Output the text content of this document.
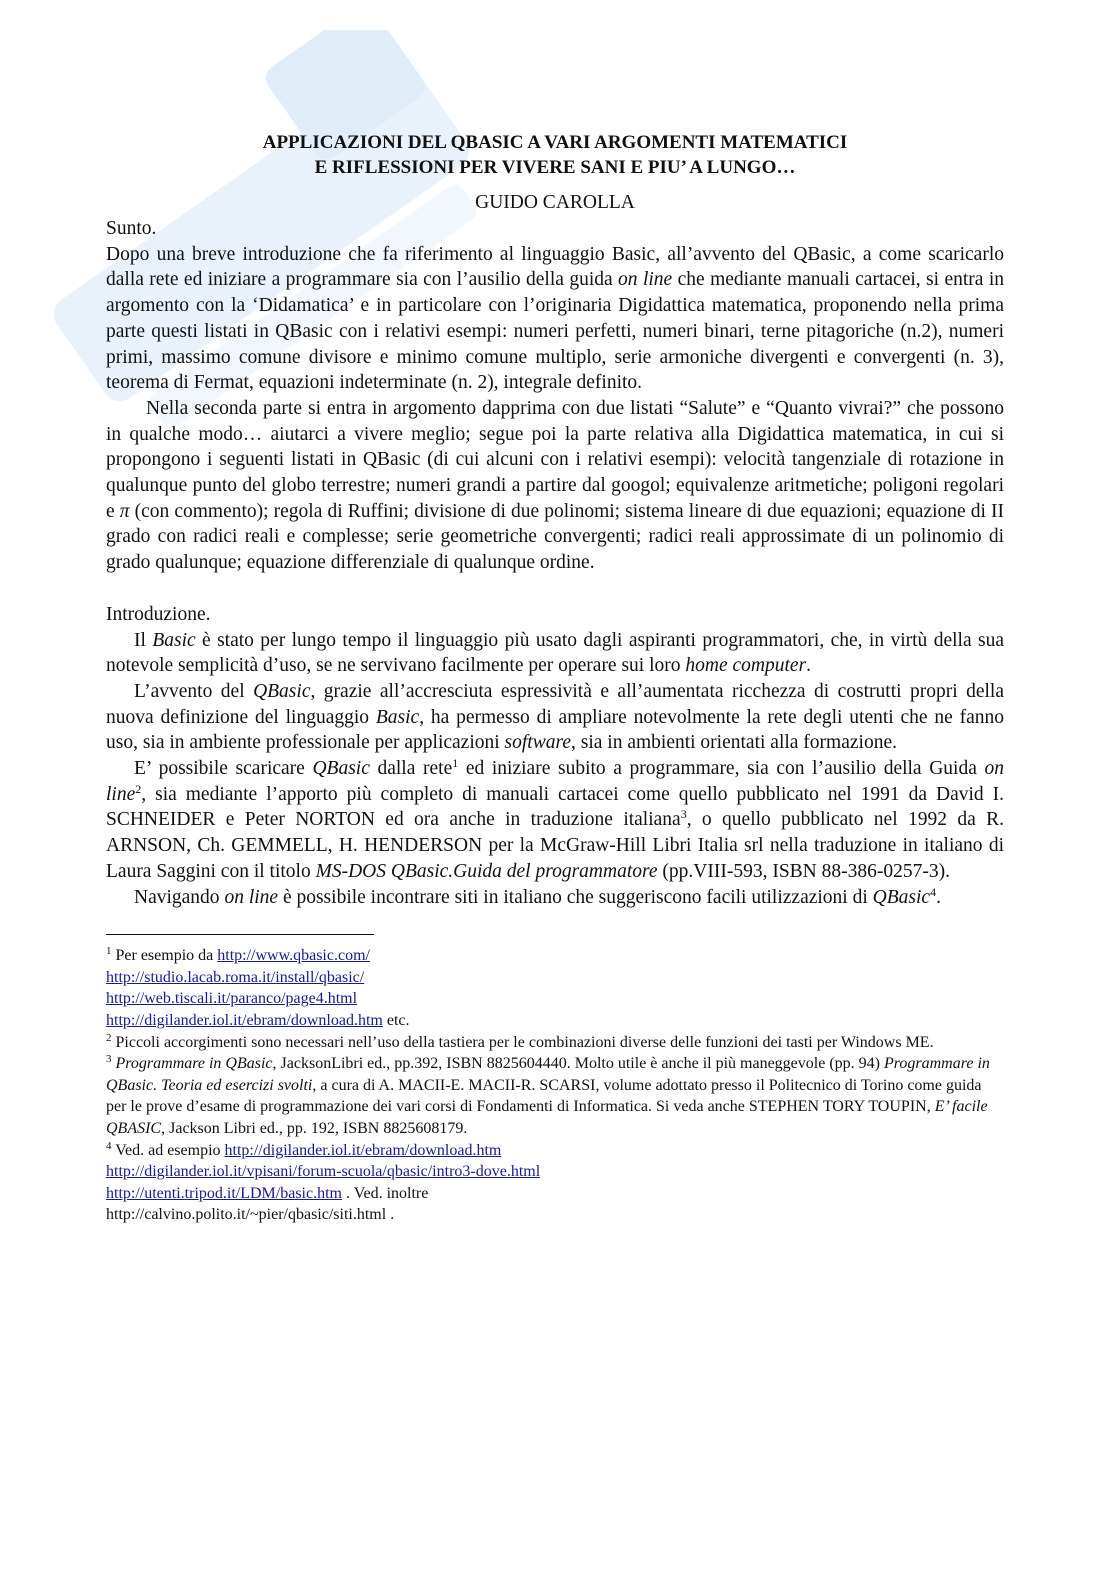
APPLICAZIONI DEL QBASIC A VARI ARGOMENTI MATEMATICI
E RIFLESSIONI PER VIVERE SANI E PIU’ A LUNGO…

GUIDO CAROLLA

Sunto.

Dopo una breve introduzione che fa riferimento al linguaggio Basic, all’avvento del QBasic, a come scaricarlo dalla rete ed iniziare a programmare sia con l’ausilio della guida on line che mediante manuali cartacei, si entra in argomento con la ‘Didamatica’ e in particolare con l’originaria Digidattica matematica, proponendo nella prima parte questi listati in QBasic con i relativi esempi: numeri perfetti, numeri binari, terne pitagoriche (n.2), numeri primi, massimo comune divisore e minimo comune multiplo, serie armoniche divergenti e convergenti (n. 3), teorema di Fermat, equazioni indeterminate (n. 2), integrale definito.

Nella seconda parte si entra in argomento dapprima con due listati “Salute” e “Quanto vivrai?” che possono in qualche modo… aiutarci a vivere meglio; segue poi la parte relativa alla Digidattica matematica, in cui si propongono i seguenti listati in QBasic (di cui alcuni con i relativi esempi): velocità tangenziale di rotazione in qualunque punto del globo terrestre; numeri grandi a partire dal googol; equivalenze aritmetiche; poligoni regolari e π (con commento); regola di Ruffini; divisione di due polinomi; sistema lineare di due equazioni; equazione di II grado con radici reali e complesse; serie geometriche convergenti; radici reali approssimate di un polinomio di grado qualunque; equazione differenziale di qualunque ordine.

Introduzione.

Il Basic è stato per lungo tempo il linguaggio più usato dagli aspiranti programmatori, che, in virtù della sua notevole semplicità d’uso, se ne servivano facilmente per operare sui loro home computer.

L’avvento del QBasic, grazie all’accresciuta espressività e all’aumentata ricchezza di costrutti propri della nuova definizione del linguaggio Basic, ha permesso di ampliare notevolmente la rete degli utenti che ne fanno uso, sia in ambiente professionale per applicazioni software, sia in ambienti orientati alla formazione.

E’ possibile scaricare QBasic dalla rete$^1$ ed iniziare subito a programmare, sia con l’ausilio della Guida on line$^2$, sia mediante l’apporto più completo di manuali cartacei come quello pubblicato nel 1991 da David I. SCHNEIDER e Peter NORTON ed ora anche in traduzione italiana$^3$, o quello pubblicato nel 1992 da R. ARNSON, Ch. GEMMELL, H. HENDERSON per la McGraw-Hill Libri Italia srl nella traduzione in italiano di Laura Saggini con il titolo MS-DOS QBasic.Guida del programmatore (pp.VIII-593, ISBN 88-386-0257-3).

Navigando on line è possibile incontrare siti in italiano che suggeriscono facili utilizzazioni di QBasic$^4$.

$^1$ Per esempio da http://www.qbasic.com/
http://studio.lacab.roma.it/install/qbasic/
http://web.tiscali.it/paranco/page4.html
http://digilander.iol.it/ebram/download.htm etc.

$^2$ Piccoli accorgimenti sono necessari nell’uso della tastiera per le combinazioni diverse delle funzioni dei tasti per Windows ME.

$^3$ Programmare in QBasic, JacksonLibri ed., pp.392, ISBN 8825604440. Molto utile è anche il più maneggevole (pp. 94) Programmare in QBasic. Teoria ed esercizi svolti, a cura di A. MACII-E. MACII-R. SCARSI, volume adottato presso il Politecnico di Torino come guida per le prove d’esame di programmazione dei vari corsi di Fondamenti di Informatica. Si veda anche STEPHEN TORY TOUPIN, E’ facile QBASIC, Jackson Libri ed., pp. 192, ISBN 8825608179.

$^4$ Ved. ad esempio http://digilander.iol.it/ebram/download.htm
http://digilander.iol.it/vpisani/forum-scuola/qbasic/intro3-dove.html
http://utenti.tripod.it/LDM/basic.htm . Ved. inoltre
http://calvino.polito.it/~pier/qbasic/siti.html .
